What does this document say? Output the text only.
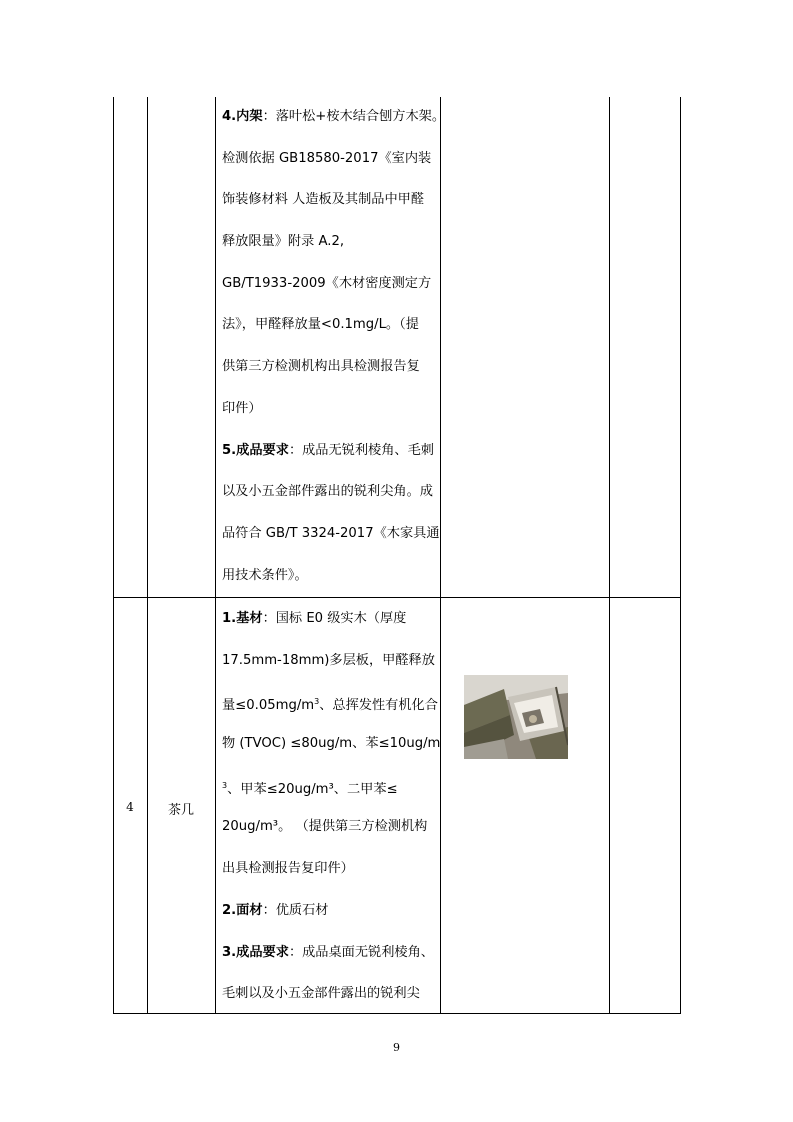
4.内架：落叶松+桉木结合刨方木架。
检测依据 GB18580-2017《室内装
饰装修材料 人造板及其制品中甲醛
释放限量》附录 A.2,
GB/T1933-2009《木材密度测定方
法》，甲醛释放量<0.1mg/L。（提
供第三方检测机构出具检测报告复
印件）
5.成品要求：成品无锐利棱角、毛刺
以及小五金部件露出的锐利尖角。成
品符合 GB/T 3324-2017《木家具通
用技术条件》。
4	茶几
1.基材：国标 E0 级实木（厚度
17.5mm-18mm)多层板，甲醛释放
量$\le 0.05mg/m^3$、总挥发性有机化合
物 (TVOC) ≤80ug/m、苯≤10ug/m
$^3$、甲苯≤20ug/m³、二甲苯≤
20ug/m³。 （提供第三方检测机构
出具检测报告复印件）
2.面材：优质石材
3.成品要求：成品桌面无锐利棱角、
毛刺以及小五金部件露出的锐利尖
9
